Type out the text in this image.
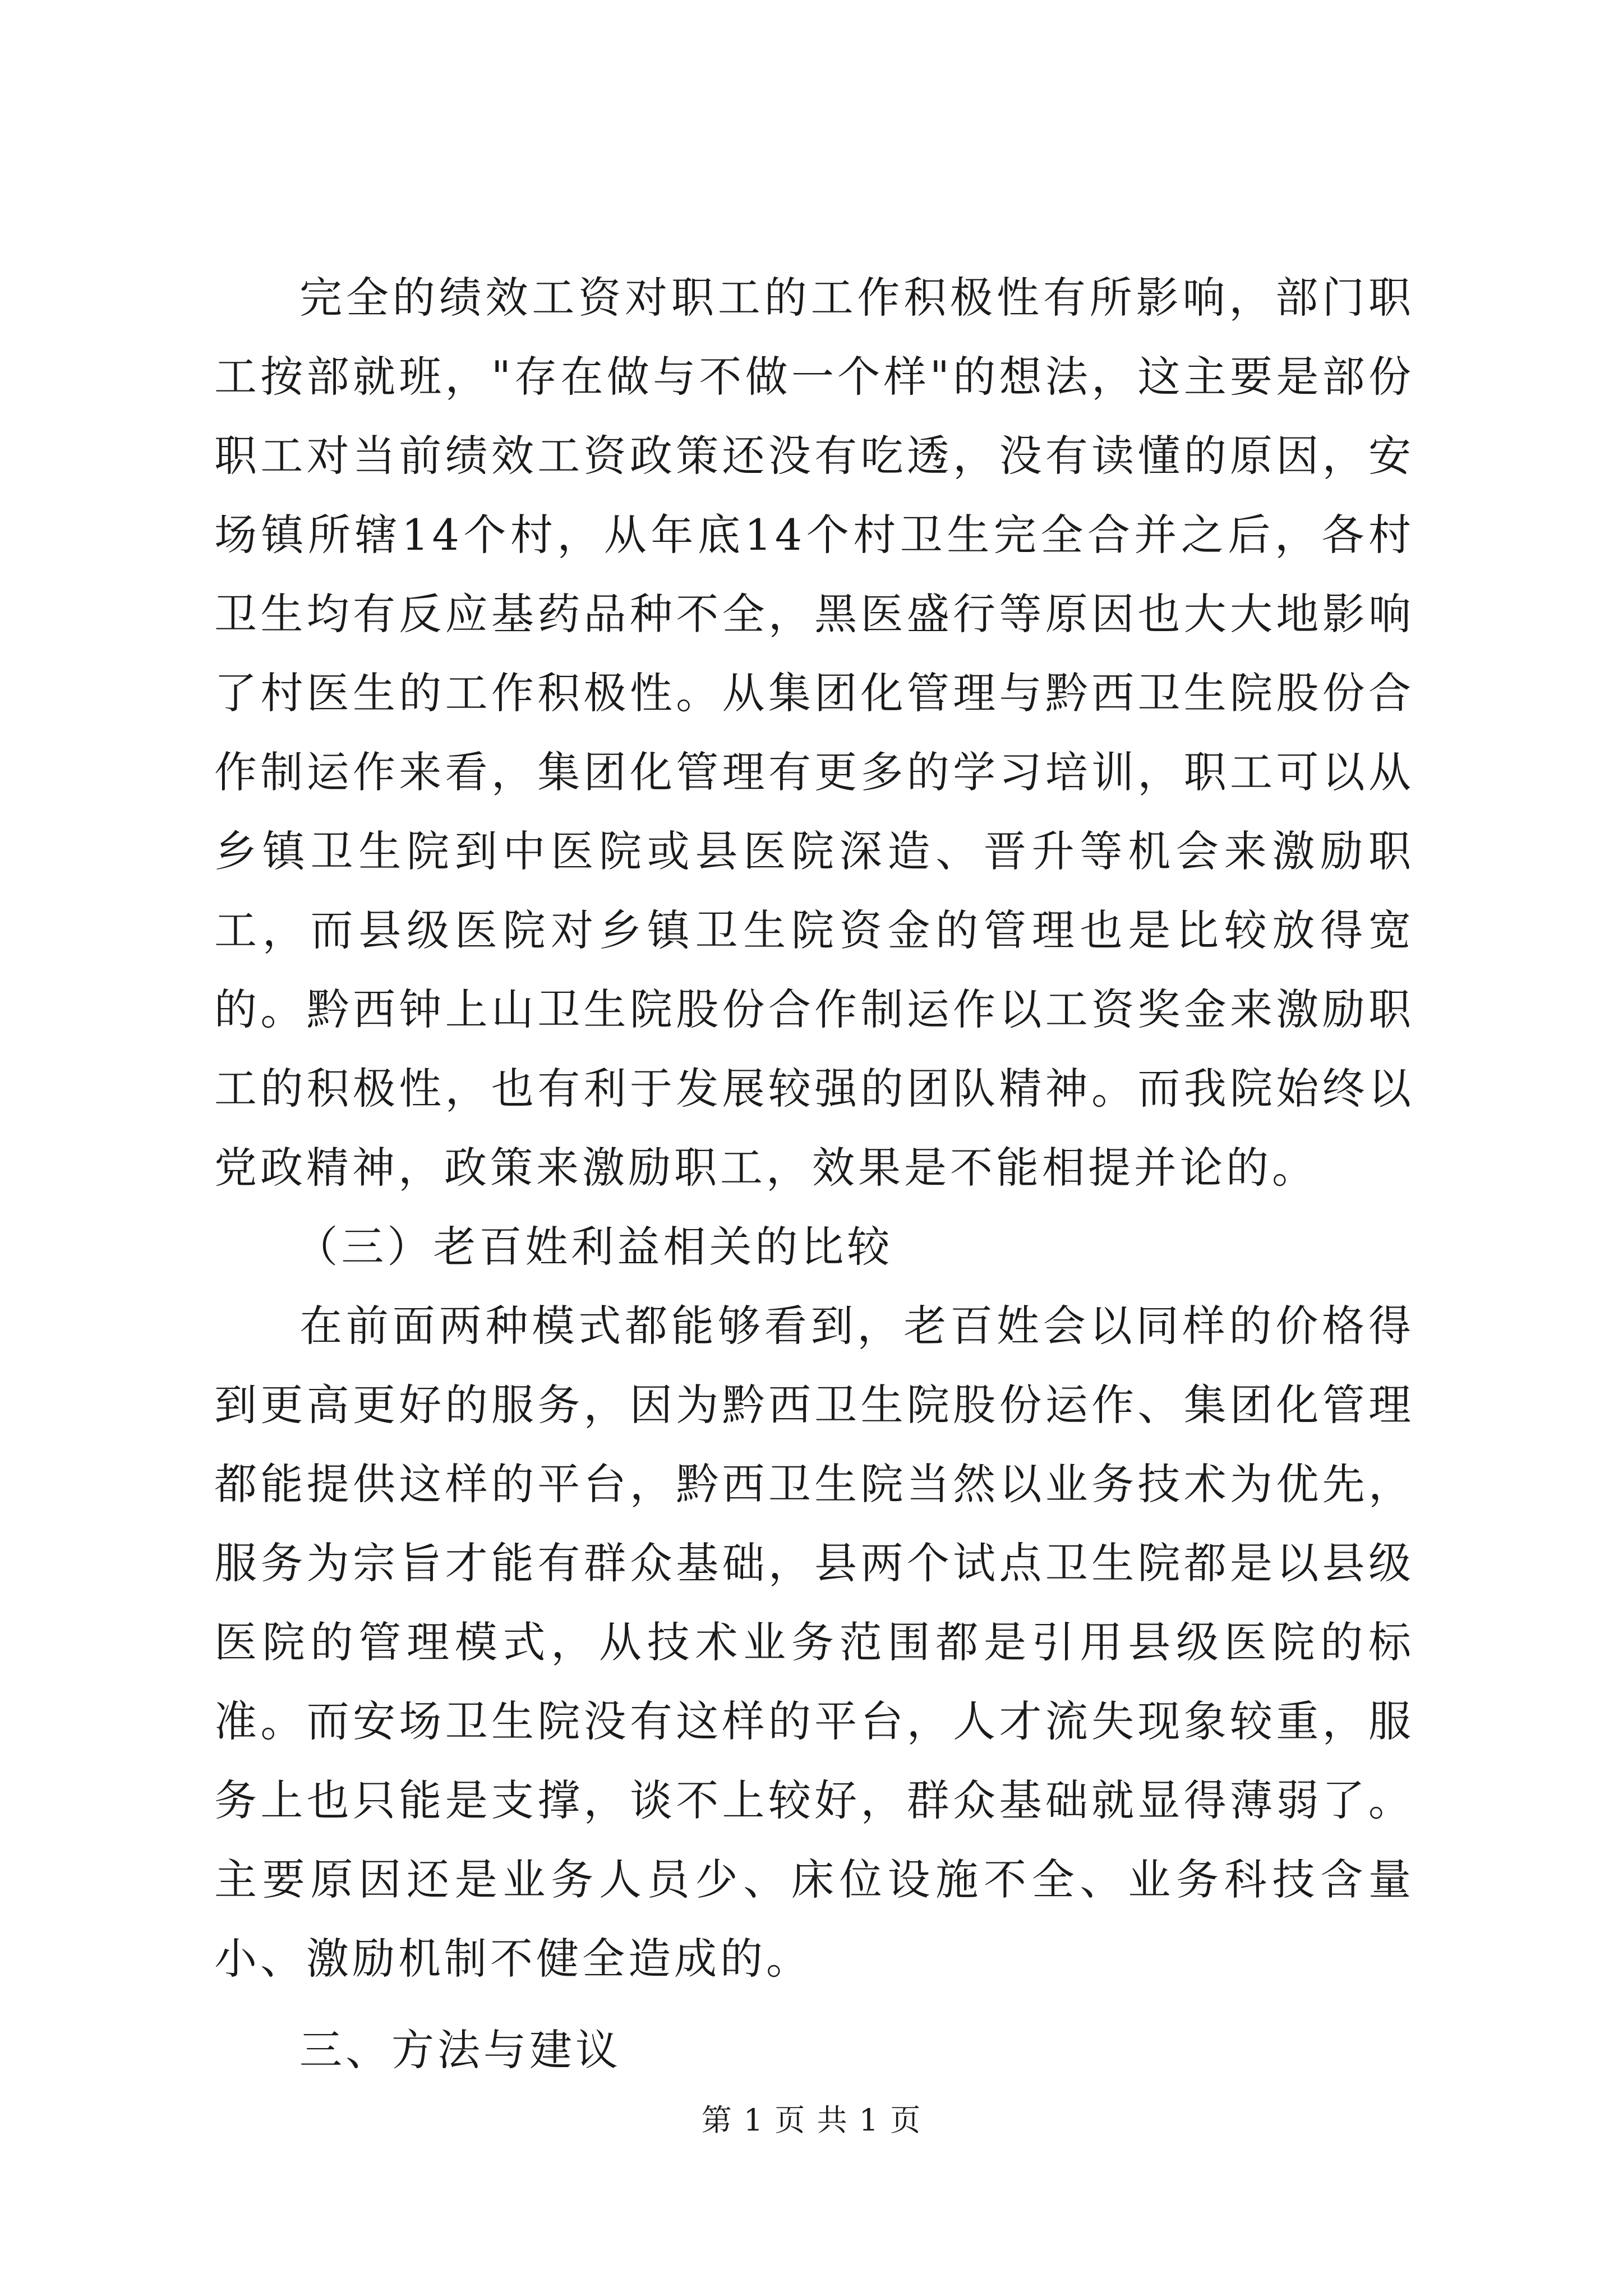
完全的绩效工资对职工的工作积极性有所影响，部门职工按部就班，"存在做与不做一个样"的想法，这主要是部份职工对当前绩效工资政策还没有吃透，没有读懂的原因，安场镇所辖14个村，从年底14个村卫生完全合并之后，各村卫生均有反应基药品种不全，黑医盛行等原因也大大地影响了村医生的工作积极性。从集团化管理与黔西卫生院股份合作制运作来看，集团化管理有更多的学习培训，职工可以从乡镇卫生院到中医院或县医院深造、晋升等机会来激励职工，而县级医院对乡镇卫生院资金的管理也是比较放得宽的。黔西钟上山卫生院股份合作制运作以工资奖金来激励职工的积极性，也有利于发展较强的团队精神。而我院始终以党政精神，政策来激励职工，效果是不能相提并论的。

（三）老百姓利益相关的比较

在前面两种模式都能够看到，老百姓会以同样的价格得到更高更好的服务，因为黔西卫生院股份运作、集团化管理都能提供这样的平台，黔西卫生院当然以业务技术为优先，服务为宗旨才能有群众基础，县两个试点卫生院都是以县级医院的管理模式，从技术业务范围都是引用县级医院的标准。而安场卫生院没有这样的平台，人才流失现象较重，服务上也只能是支撑，谈不上较好，群众基础就显得薄弱了。主要原因还是业务人员少、床位设施不全、业务科技含量小、激励机制不健全造成的。

三、方法与建议

第 1 页 共 1 页
